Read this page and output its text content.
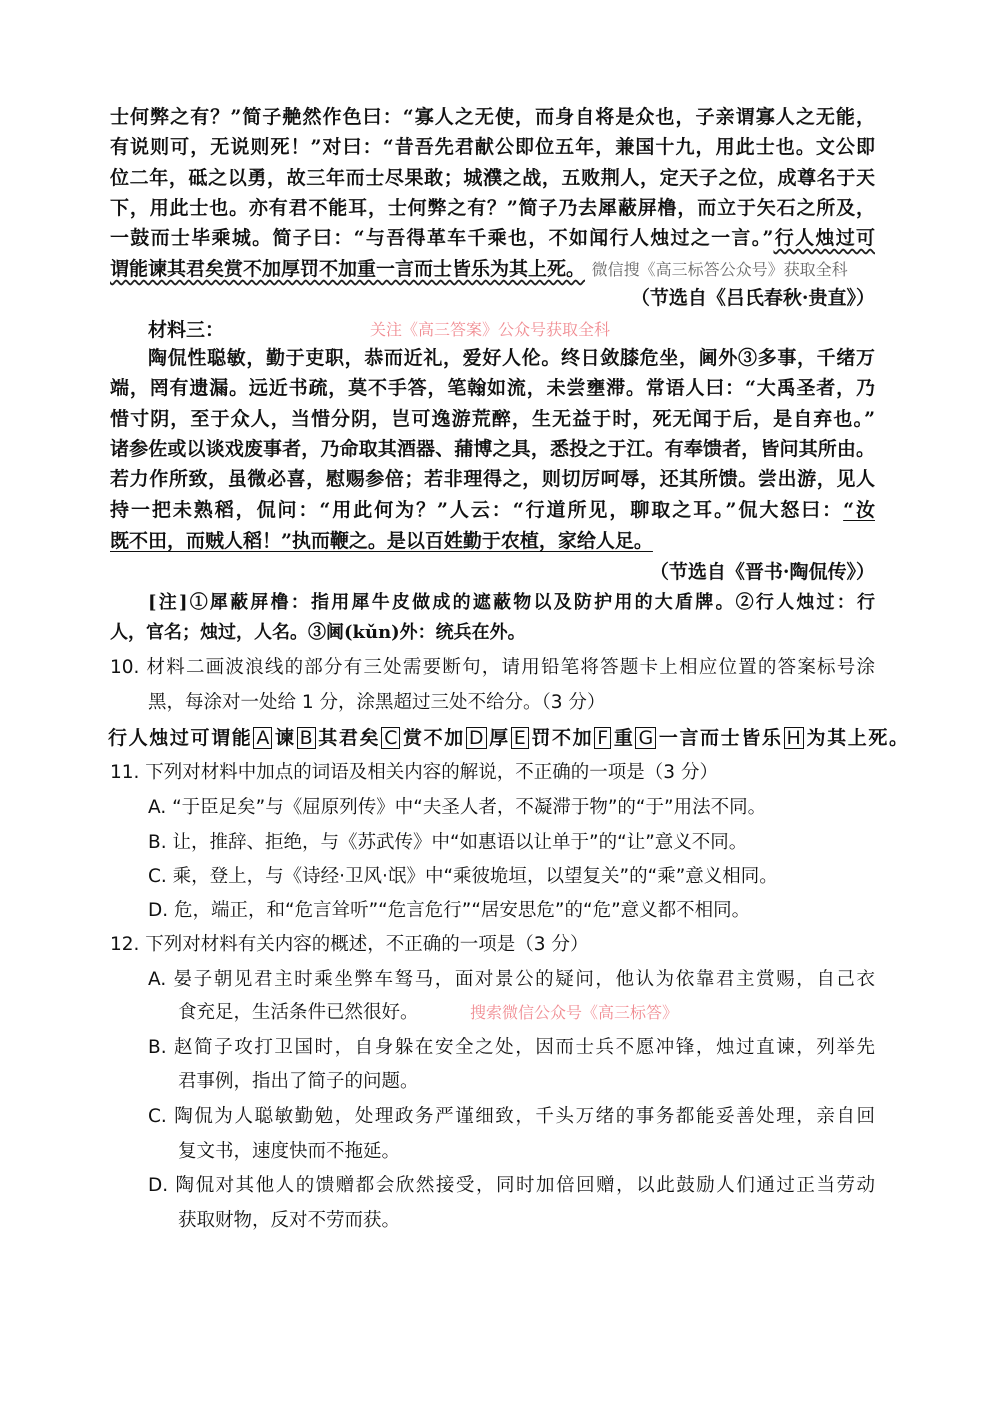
士何弊之有？”简子艴然作色曰：“寡人之无使，而身自将是众也，子亲谓寡人之无能，
有说则可，无说则死！”对曰：“昔吾先君献公即位五年，兼国十九，用此士也。文公即
位二年，砥之以勇，故三年而士尽果敢；城濮之战，五败荆人，定天子之位，成尊名于天
下，用此士也。亦有君不能耳，士何弊之有？”简子乃去犀蔽屏橹，而立于矢石之所及，
一鼓而士毕乘城。简子曰：“与吾得革车千乘也，不如闻行人烛过之一言。”行人烛过可
谓能谏其君矣赏不加厚罚不加重一言而士皆乐为其上死。 微信搜《高三标答公众号》获取全科
（节选自《吕氏春秋·贵直》）
材料三：	关注《高三答案》公众号获取全科
陶侃性聪敏，勤于吏职，恭而近礼，爱好人伦。终日敛膝危坐，阃外③多事，千绪万
端，罔有遗漏。远近书疏，莫不手答，笔翰如流，未尝壅滞。常语人曰：“大禹圣者，乃
惜寸阴，至于众人，当惜分阴，岂可逸游荒醉，生无益于时，死无闻于后，是自弃也。”
诸参佐或以谈戏废事者，乃命取其酒器、蒱博之具，悉投之于江。有奉馈者，皆问其所由。
若力作所致，虽微必喜，慰赐参倍；若非理得之，则切厉呵辱，还其所馈。尝出游，见人
持一把未熟稻，侃问：“用此何为？”人云：“行道所见，聊取之耳。”侃大怒曰：“汝
既不田，而贼人稻！”执而鞭之。是以百姓勤于农植，家给人足。
（节选自《晋书·陶侃传》）
[注]①犀蔽屏橹：指用犀牛皮做成的遮蔽物以及防护用的大盾牌。②行人烛过：行
人，官名；烛过，人名。③阃(kǔn)外：统兵在外。
10. 材料二画波浪线的部分有三处需要断句，请用铅笔将答题卡上相应位置的答案标号涂
黑，每涂对一处给 1 分，涂黑超过三处不给分。（3 分）
行人烛过可谓能 A 谏 B 其君矣 C 赏不加 D 厚 E 罚不加 F 重 G 一言而士皆乐 H 为其上死。
11. 下列对材料中加点的词语及相关内容的解说，不正确的一项是（3 分）
A. “于臣足矣”与《屈原列传》中“夫圣人者，不凝滞于物”的“于”用法不同。
B. 让，推辞、拒绝，与《苏武传》中“如惠语以让单于”的“让”意义不同。
C. 乘，登上，与《诗经·卫风·氓》中“乘彼垝垣，以望复关”的“乘”意义相同。
D. 危，端正，和“危言耸听”“危言危行”“居安思危”的“危”意义都不相同。
12. 下列对材料有关内容的概述，不正确的一项是（3 分）
A. 晏子朝见君主时乘坐弊车驽马，面对景公的疑问，他认为依靠君主赏赐，自己衣
食充足，生活条件已然很好。	搜索微信公众号《高三标答》
B. 赵简子攻打卫国时，自身躲在安全之处，因而士兵不愿冲锋，烛过直谏，列举先
君事例，指出了简子的问题。
C. 陶侃为人聪敏勤勉，处理政务严谨细致，千头万绪的事务都能妥善处理，亲自回
复文书，速度快而不拖延。
D. 陶侃对其他人的馈赠都会欣然接受，同时加倍回赠，以此鼓励人们通过正当劳动
获取财物，反对不劳而获。
